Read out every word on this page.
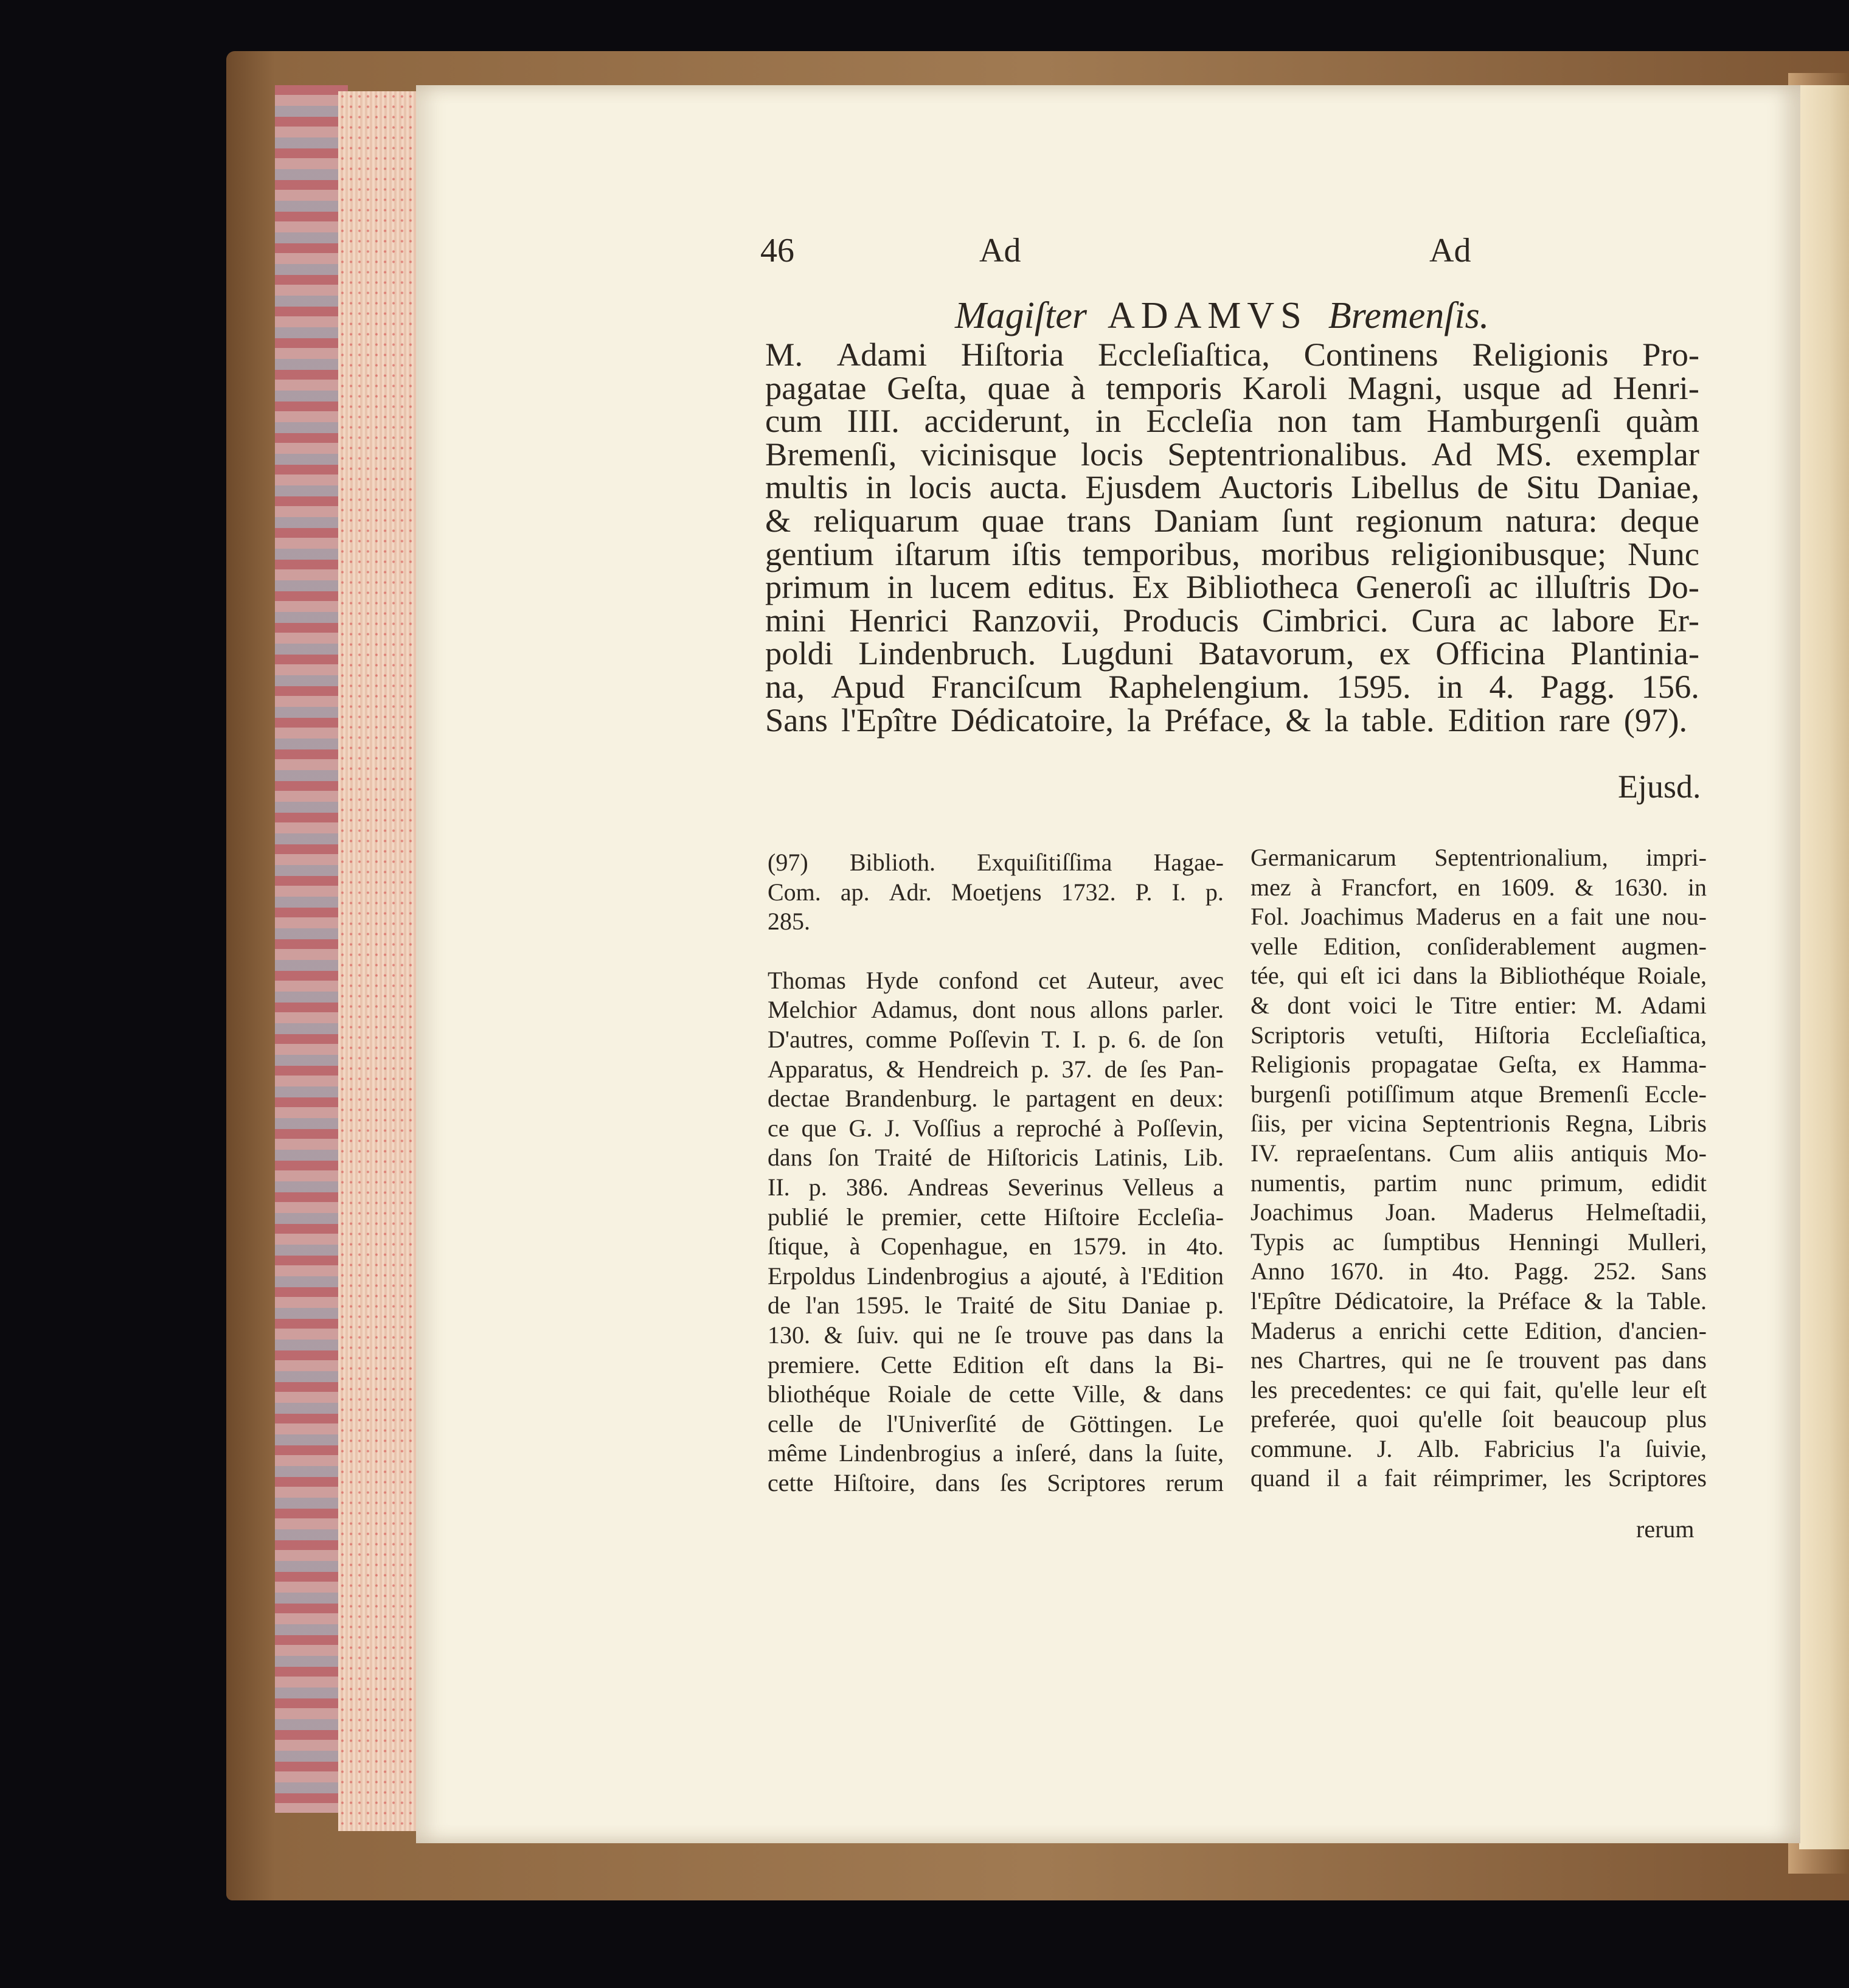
46	Ad	Ad
Magiſter ADAMVS Bremenſis.
M. Adami Hiſtoria Eccleſiaſtica, Continens Religionis Pro-
pagatae Geſta, quae à temporis Karoli Magni, usque ad Henri-
cum IIII. acciderunt, in Eccleſia non tam Hamburgenſi quàm
Bremenſi, vicinisque locis Septentrionalibus. Ad MS. exemplar
multis in locis aucta. Ejusdem Auctoris Libellus de Situ Daniae,
& reliquarum quae trans Daniam ſunt regionum natura: deque
gentium iſtarum iſtis temporibus, moribus religionibusque; Nunc
primum in lucem editus. Ex Bibliotheca Generoſi ac illuſtris Do-
mini Henrici Ranzovii, Producis Cimbrici. Cura ac labore Er-
poldi Lindenbruch. Lugduni Batavorum, ex Officina Plantinia-
na, Apud Franciſcum Raphelengium. 1595. in 4. Pagg. 156.
Sans l'Epître Dédicatoire, la Préface, & la table. Edition rare (97).
Ejusd.
(97) Biblioth. Exquiſitiſſima Hagae-
Com. ap. Adr. Moetjens 1732. P. I. p.
285.
Thomas Hyde confond cet Auteur, avec
Melchior Adamus, dont nous allons parler.
D'autres, comme Poſſevin T. I. p. 6. de ſon
Apparatus, & Hendreich p. 37. de ſes Pan-
dectae Brandenburg. le partagent en deux:
ce que G. J. Voſſius a reproché à Poſſevin,
dans ſon Traité de Hiſtoricis Latinis, Lib.
II. p. 386. Andreas Severinus Velleus a
publié le premier, cette Hiſtoire Eccleſia-
ſtique, à Copenhague, en 1579. in 4to.
Erpoldus Lindenbrogius a ajouté, à l'Edition
de l'an 1595. le Traité de Situ Daniae p.
130. & ſuiv. qui ne ſe trouve pas dans la
premiere. Cette Edition eſt dans la Bi-
bliothéque Roiale de cette Ville, & dans
celle de l'Univerſité de Göttingen. Le
même Lindenbrogius a inſeré, dans la ſuite,
cette Hiſtoire, dans ſes Scriptores rerum
Germanicarum Septentrionalium, impri-
mez à Francfort, en 1609. & 1630. in
Fol. Joachimus Maderus en a fait une nou-
velle Edition, conſiderablement augmen-
tée, qui eſt ici dans la Bibliothéque Roiale,
& dont voici le Titre entier: M. Adami
Scriptoris vetuſti, Hiſtoria Eccleſiaſtica,
Religionis propagatae Geſta, ex Hamma-
burgenſi potiſſimum atque Bremenſi Eccle-
ſiis, per vicina Septentrionis Regna, Libris
IV. repraeſentans. Cum aliis antiquis Mo-
numentis, partim nunc primum, edidit
Joachimus Joan. Maderus Helmeſtadii,
Typis ac ſumptibus Henningi Mulleri,
Anno 1670. in 4to. Pagg. 252. Sans
l'Epître Dédicatoire, la Préface & la Table.
Maderus a enrichi cette Edition, d'ancien-
nes Chartres, qui ne ſe trouvent pas dans
les precedentes: ce qui fait, qu'elle leur eſt
preferée, quoi qu'elle ſoit beaucoup plus
commune. J. Alb. Fabricius l'a ſuivie,
quand il a fait réimprimer, les Scriptores
rerum
